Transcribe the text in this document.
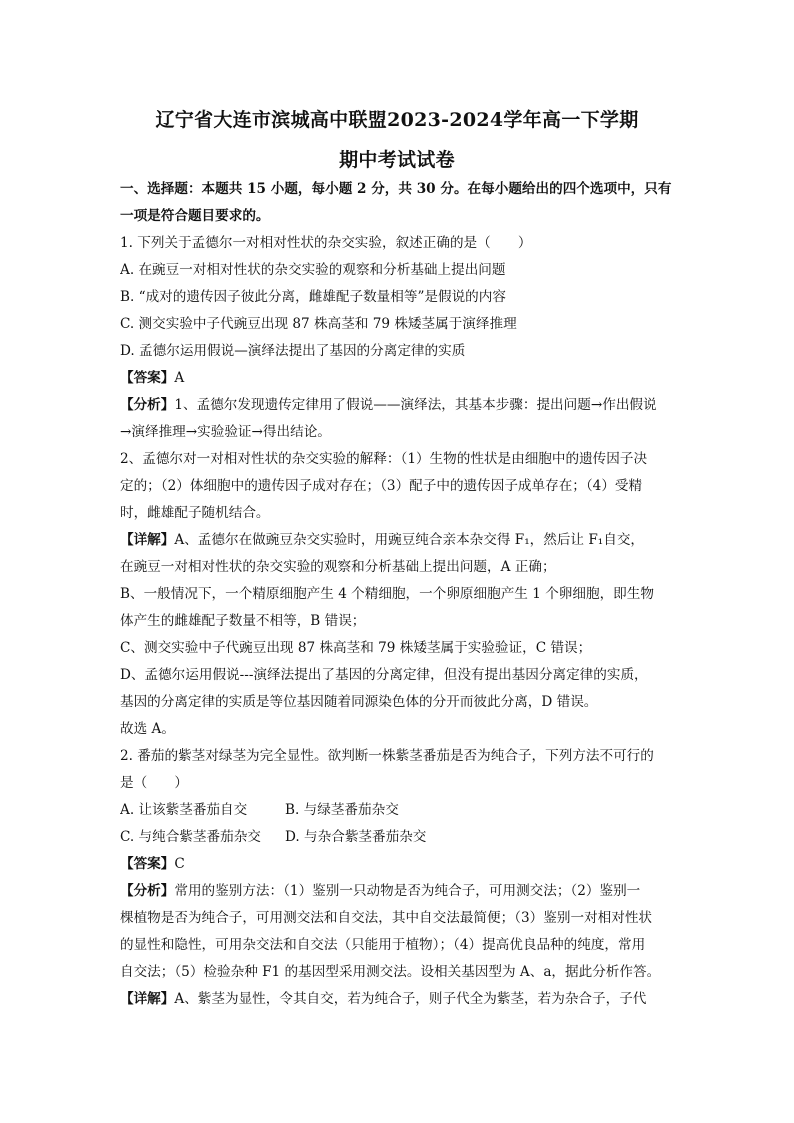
辽宁省大连市滨城高中联盟2023-2024学年高一下学期
期中考试试卷
一、选择题：本题共 15 小题，每小题 2 分，共 30 分。在每小题给出的四个选项中，只有
一项是符合题目要求的。
1. 下列关于孟德尔一对相对性状的杂交实验，叙述正确的是（　　）
A. 在豌豆一对相对性状的杂交实验的观察和分析基础上提出问题
B. “成对的遗传因子彼此分离，雌雄配子数量相等”是假说的内容
C. 测交实验中子代豌豆出现 87 株高茎和 79 株矮茎属于演绎推理
D. 孟德尔运用假说—演绎法提出了基因的分离定律的实质
【答案】A
【分析】1、孟德尔发现遗传定律用了假说——演绎法，其基本步骤：提出问题→作出假说
→演绎推理→实验验证→得出结论。
2、孟德尔对一对相对性状的杂交实验的解释：（1）生物的性状是由细胞中的遗传因子决
定的；（2）体细胞中的遗传因子成对存在；（3）配子中的遗传因子成单存在；（4）受精
时，雌雄配子随机结合。
【详解】A、孟德尔在做豌豆杂交实验时，用豌豆纯合亲本杂交得 F₁，然后让 F₁自交，
在豌豆一对相对性状的杂交实验的观察和分析基础上提出问题，A 正确；
B、一般情况下，一个精原细胞产生 4 个精细胞，一个卵原细胞产生 1 个卵细胞，即生物
体产生的雌雄配子数量不相等，B 错误；
C、测交实验中子代豌豆出现 87 株高茎和 79 株矮茎属于实验验证，C 错误；
D、孟德尔运用假说---演绎法提出了基因的分离定律，但没有提出基因分离定律的实质，
基因的分离定律的实质是等位基因随着同源染色体的分开而彼此分离，D 错误。
故选 A。
2. 番茄的紫茎对绿茎为完全显性。欲判断一株紫茎番茄是否为纯合子，下列方法不可行的
是（　　）
A. 让该紫茎番茄自交	B. 与绿茎番茄杂交
C. 与纯合紫茎番茄杂交	D. 与杂合紫茎番茄杂交
【答案】C
【分析】常用的鉴别方法：（1）鉴别一只动物是否为纯合子，可用测交法；（2）鉴别一
棵植物是否为纯合子，可用测交法和自交法，其中自交法最简便；（3）鉴别一对相对性状
的显性和隐性，可用杂交法和自交法（只能用于植物）；（4）提高优良品种的纯度，常用
自交法；（5）检验杂种 F1 的基因型采用测交法。设相关基因型为 A、a，据此分析作答。
【详解】A、紫茎为显性，令其自交，若为纯合子，则子代全为紫茎，若为杂合子，子代
